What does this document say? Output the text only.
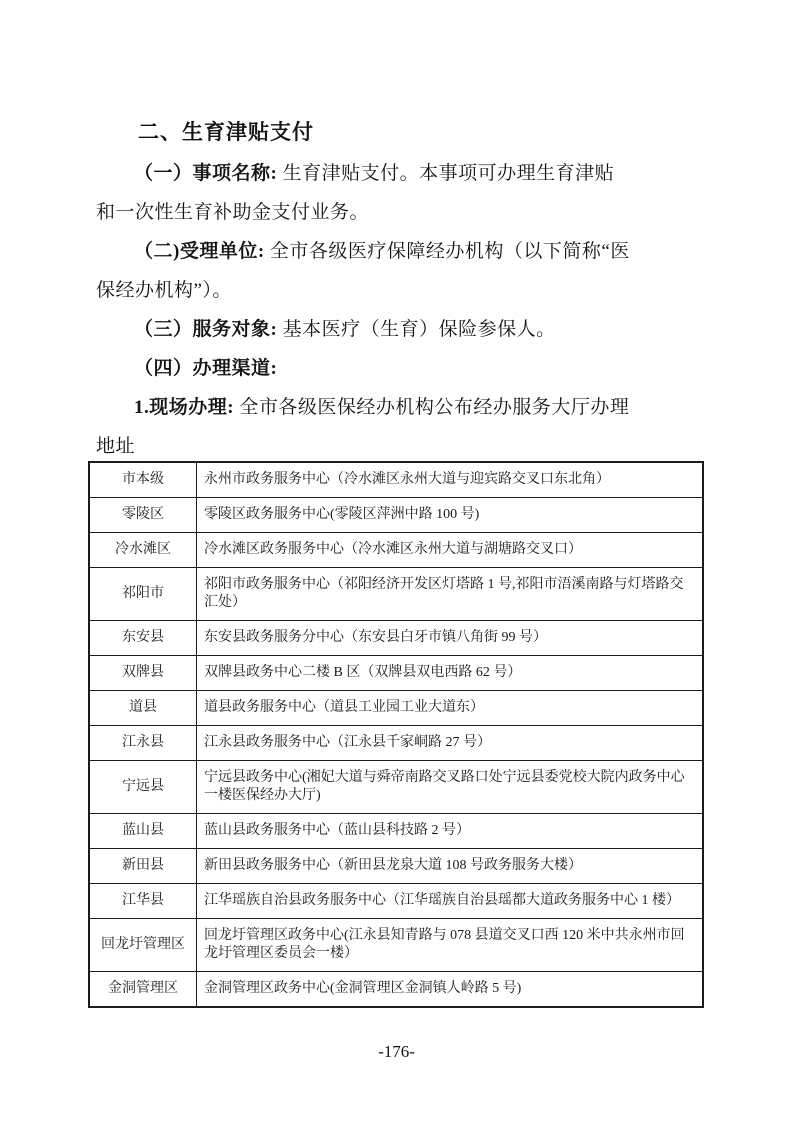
二、生育津贴支付
（一）事项名称: 生育津贴支付。本事项可办理生育津贴
和一次性生育补助金支付业务。
（二)受理单位: 全市各级医疗保障经办机构（以下简称“医
保经办机构”）。
（三）服务对象: 基本医疗（生育）保险参保人。
（四）办理渠道:
1.现场办理: 全市各级医保经办机构公布经办服务大厅办理
地址
市本级	永州市政务服务中心（冷水滩区永州大道与迎宾路交叉口东北角）
零陵区	零陵区政务服务中心(零陵区萍洲中路 100 号)
冷水滩区	冷水滩区政务服务中心（冷水滩区永州大道与湖塘路交叉口）
祁阳市	祁阳市政务服务中心（祁阳经济开发区灯塔路 1 号,祁阳市浯溪南路与灯塔路交汇处）
东安县	东安县政务服务分中心（东安县白牙市镇八角街 99 号）
双牌县	双牌县政务中心二楼 B 区（双牌县双电西路 62 号）
道县	道县政务服务中心（道县工业园工业大道东）
江永县	江永县政务服务中心（江永县千家峒路 27 号）
宁远县	宁远县政务中心(湘妃大道与舜帝南路交叉路口处宁远县委党校大院内政务中心一楼医保经办大厅)
蓝山县	蓝山县政务服务中心（蓝山县科技路 2 号）
新田县	新田县政务服务中心（新田县龙泉大道 108 号政务服务大楼）
江华县	江华瑶族自治县政务服务中心（江华瑶族自治县瑶都大道政务服务中心 1 楼）
回龙圩管理区	回龙圩管理区政务中心(江永县知青路与 078 县道交叉口西 120 米中共永州市回龙圩管理区委员会一楼）
金洞管理区	金洞管理区政务中心(金洞管理区金洞镇人岭路 5 号)
-176-
